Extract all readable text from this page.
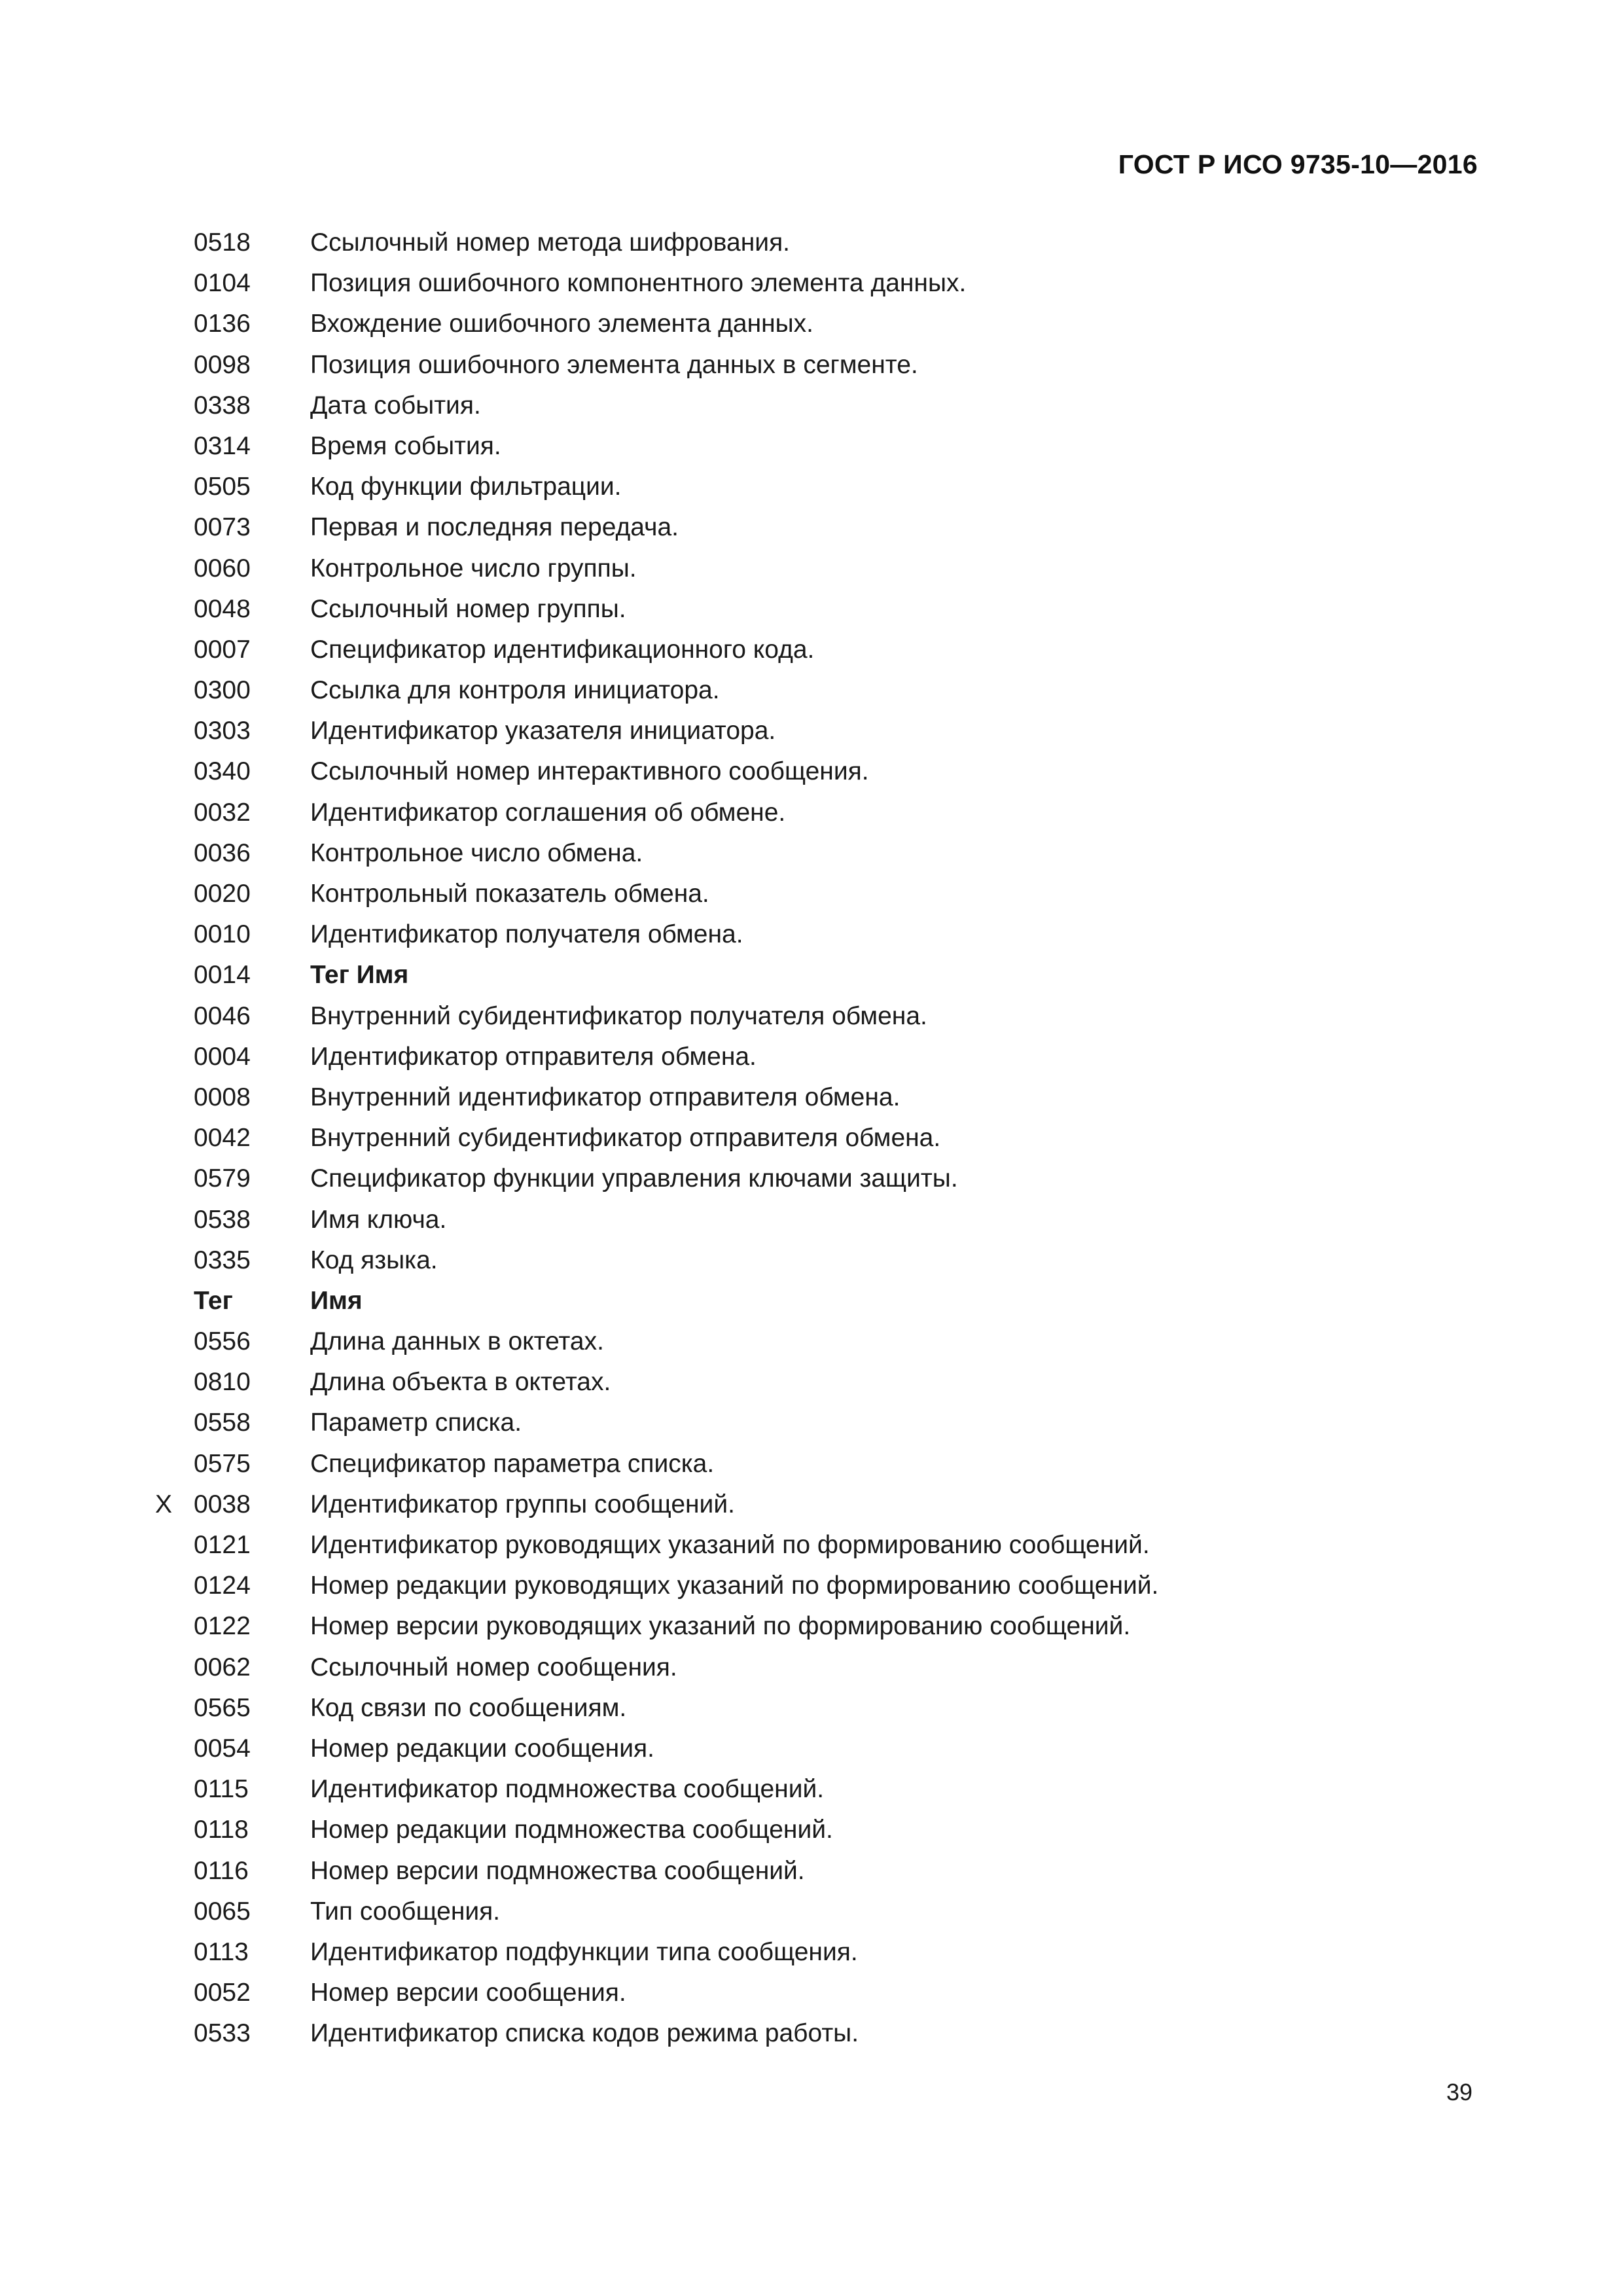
ГОСТ Р ИСО 9735-10—2016
0518	Ссылочный номер метода шифрования.
0104	Позиция ошибочного компонентного элемента данных.
0136	Вхождение ошибочного элемента данных.
0098	Позиция ошибочного элемента данных в сегменте.
0338	Дата события.
0314	Время события.
0505	Код функции фильтрации.
0073	Первая и последняя передача.
0060	Контрольное число группы.
0048	Ссылочный номер группы.
0007	Спецификатор идентификационного кода.
0300	Ссылка для контроля инициатора.
0303	Идентификатор указателя инициатора.
0340	Ссылочный номер интерактивного сообщения.
0032	Идентификатор соглашения об обмене.
0036	Контрольное число обмена.
0020	Контрольный показатель обмена.
0010	Идентификатор получателя обмена.
0014	Тег Имя
0046	Внутренний субидентификатор получателя обмена.
0004	Идентификатор отправителя обмена.
0008	Внутренний идентификатор отправителя обмена.
0042	Внутренний субидентификатор отправителя обмена.
0579	Спецификатор функции управления ключами защиты.
0538	Имя ключа.
0335	Код языка.
Тег	Имя
0556	Длина данных в октетах.
0810	Длина объекта в октетах.
0558	Параметр списка.
0575	Спецификатор параметра списка.
X 0038	Идентификатор группы сообщений.
0121	Идентификатор руководящих указаний по формированию сообщений.
0124	Номер редакции руководящих указаний по формированию сообщений.
0122	Номер версии руководящих указаний по формированию сообщений.
0062	Ссылочный номер сообщения.
0565	Код связи по сообщениям.
0054	Номер редакции сообщения.
0115	Идентификатор подмножества сообщений.
0118	Номер редакции подмножества сообщений.
0116	Номер версии подмножества сообщений.
0065	Тип сообщения.
0113	Идентификатор подфункции типа сообщения.
0052	Номер версии сообщения.
0533	Идентификатор списка кодов режима работы.
39
